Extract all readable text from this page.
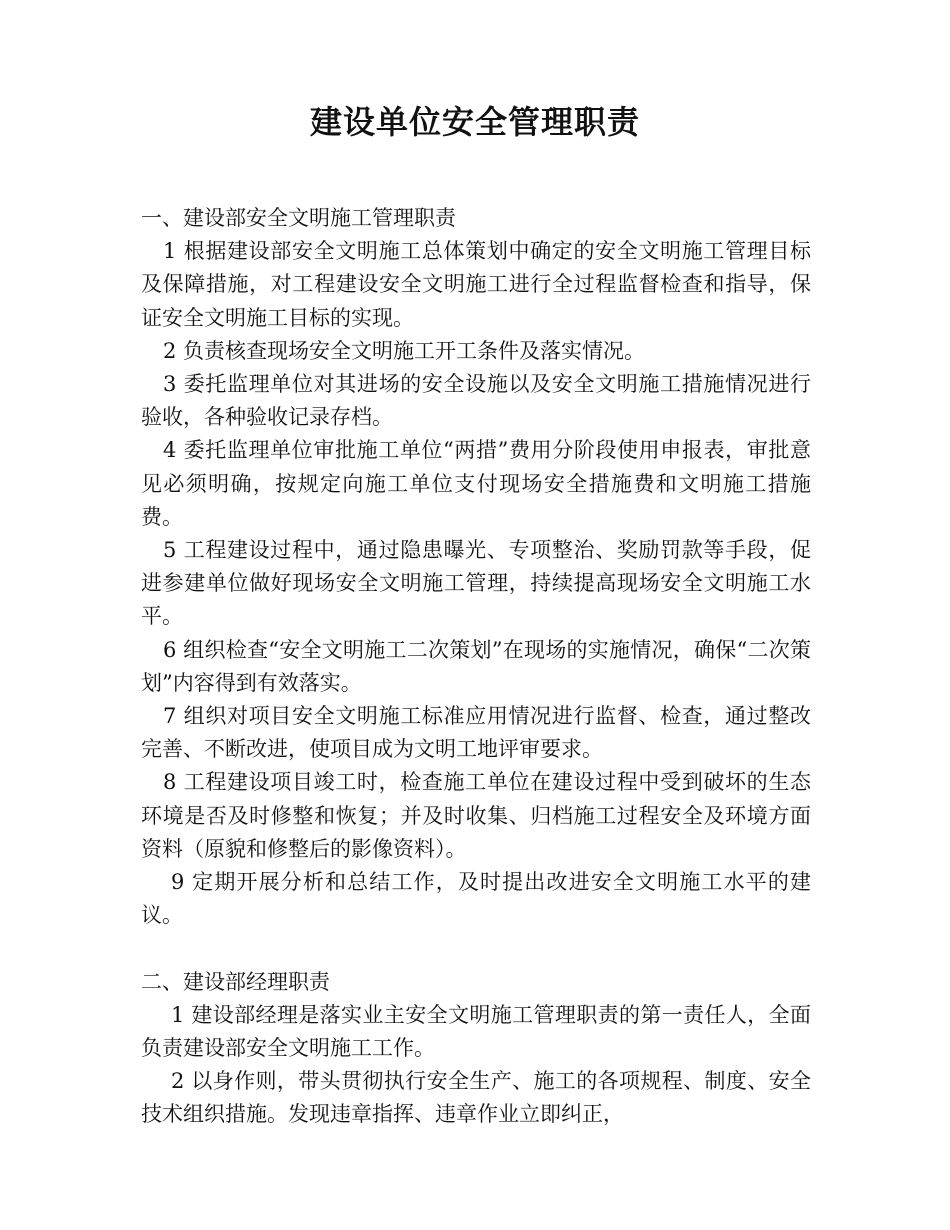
建设单位安全管理职责

一、建设部安全文明施工管理职责

1 根据建设部安全文明施工总体策划中确定的安全文明施工管理目标及保障措施，对工程建设安全文明施工进行全过程监督检查和指导，保证安全文明施工目标的实现。

2 负责核查现场安全文明施工开工条件及落实情况。

3 委托监理单位对其进场的安全设施以及安全文明施工措施情况进行验收，各种验收记录存档。

4 委托监理单位审批施工单位“两措”费用分阶段使用申报表，审批意见必须明确，按规定向施工单位支付现场安全措施费和文明施工措施费。

5 工程建设过程中，通过隐患曝光、专项整治、奖励罚款等手段，促进参建单位做好现场安全文明施工管理，持续提高现场安全文明施工水平。

6 组织检查“安全文明施工二次策划”在现场的实施情况，确保“二次策划”内容得到有效落实。

7 组织对项目安全文明施工标准应用情况进行监督、检查，通过整改完善、不断改进，使项目成为文明工地评审要求。

8 工程建设项目竣工时，检查施工单位在建设过程中受到破坏的生态环境是否及时修整和恢复；并及时收集、归档施工过程安全及环境方面资料（原貌和修整后的影像资料）。

9 定期开展分析和总结工作，及时提出改进安全文明施工水平的建议。

二、建设部经理职责

1 建设部经理是落实业主安全文明施工管理职责的第一责任人，全面负责建设部安全文明施工工作。

2 以身作则，带头贯彻执行安全生产、施工的各项规程、制度、安全技术组织措施。发现违章指挥、违章作业立即纠正，
